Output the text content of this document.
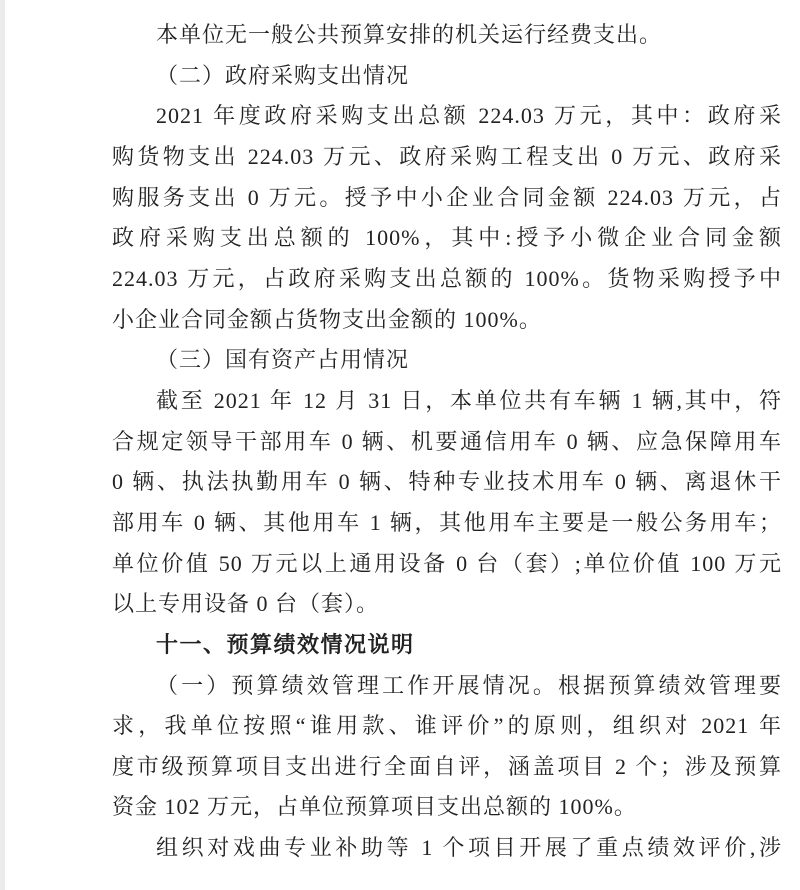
本单位无一般公共预算安排的机关运行经费支出。
（二）政府采购支出情况
2021 年度政府采购支出总额 224.03 万元，其中：政府采
购货物支出 224.03 万元、政府采购工程支出 0 万元、政府采
购服务支出 0 万元。授予中小企业合同金额 224.03 万元，占
政府采购支出总额的 100%，其中:授予小微企业合同金额
224.03 万元，占政府采购支出总额的 100%。货物采购授予中
小企业合同金额占货物支出金额的 100%。
（三）国有资产占用情况
截至 2021 年 12 月 31 日，本单位共有车辆 1 辆,其中，符
合规定领导干部用车 0 辆、机要通信用车 0 辆、应急保障用车
0 辆、执法执勤用车 0 辆、特种专业技术用车 0 辆、离退休干
部用车 0 辆、其他用车 1 辆，其他用车主要是一般公务用车；
单位价值 50 万元以上通用设备 0 台（套）;单位价值 100 万元
以上专用设备 0 台（套）。
十一、预算绩效情况说明
（一）预算绩效管理工作开展情况。根据预算绩效管理要
求，我单位按照“谁用款、谁评价”的原则，组织对 2021 年
度市级预算项目支出进行全面自评，涵盖项目 2 个；涉及预算
资金 102 万元，占单位预算项目支出总额的 100%。
组织对戏曲专业补助等 1 个项目开展了重点绩效评价,涉
